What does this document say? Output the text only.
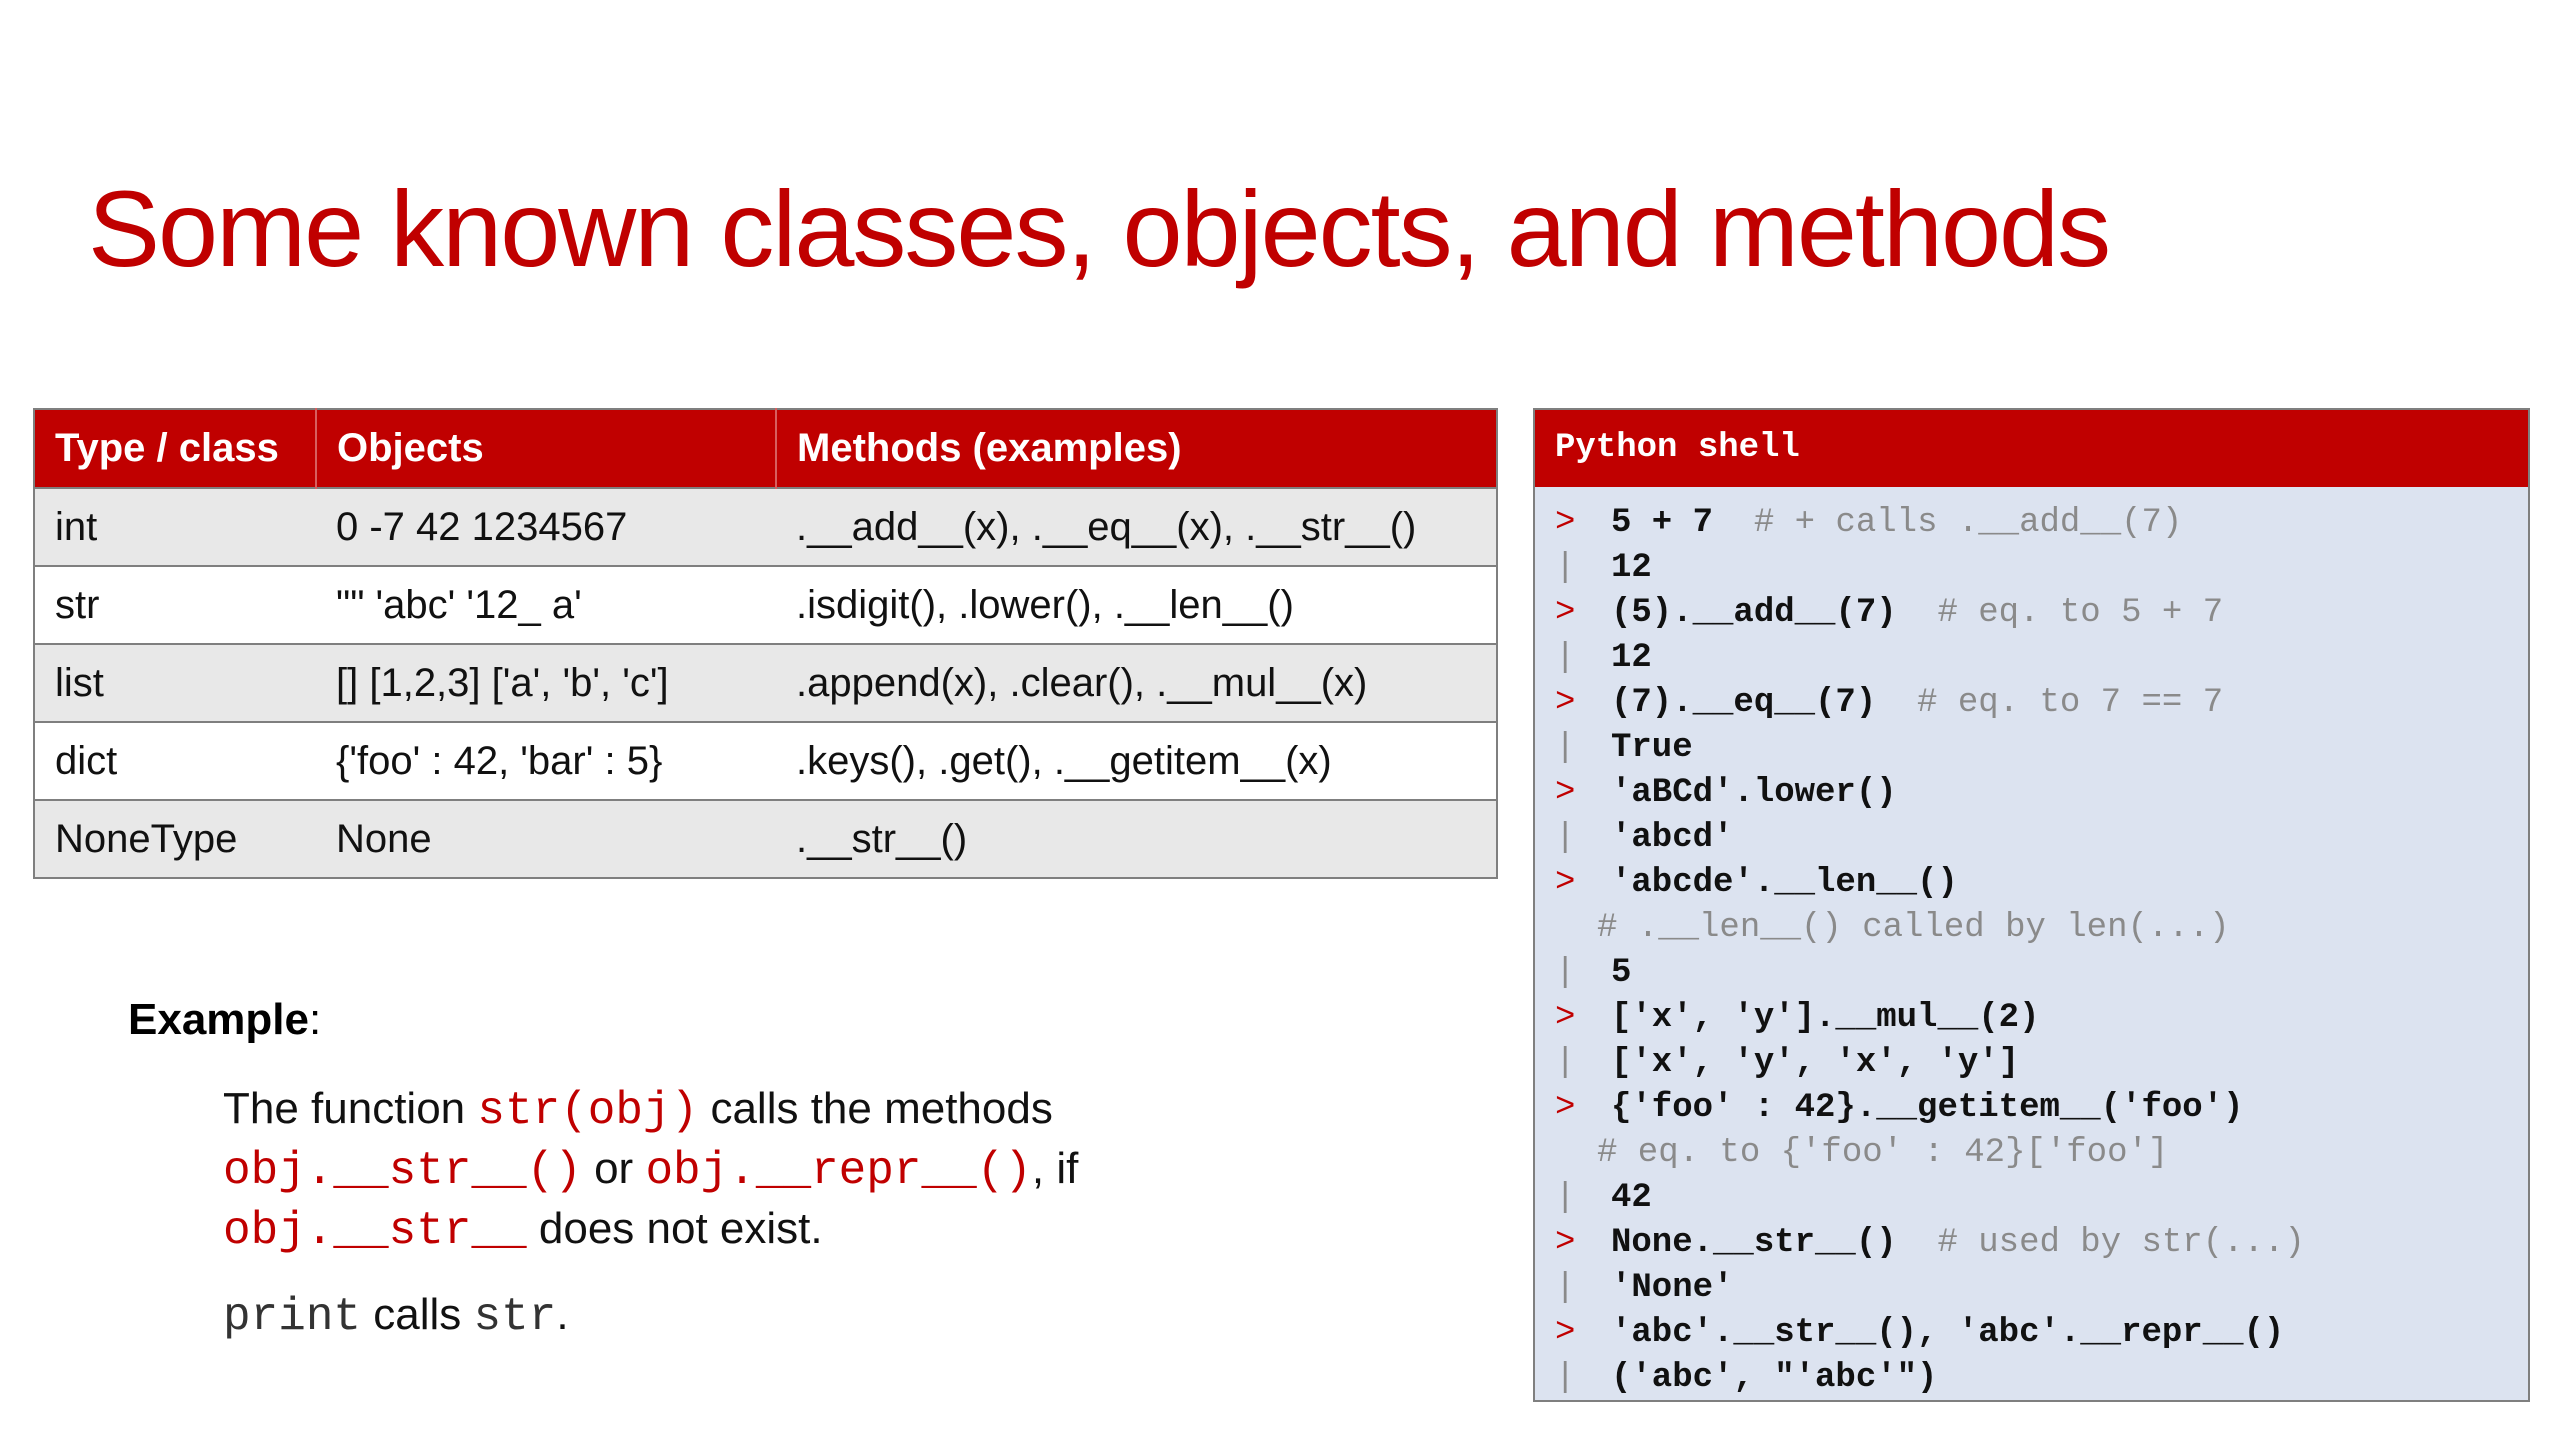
Some known classes, objects, and methods
Type / class	Objects	Methods (examples)
int	0 -7 42 1234567	.__add__(x), .__eq__(x), .__str__()
str	"" 'abc' '12_ a'	.isdigit(), .lower(), .__len__()
list	[] [1,2,3] ['a', 'b', 'c']	.append(x), .clear(), .__mul__(x)
dict	{'foo' : 42, 'bar' : 5}	.keys(), .get(), .__getitem__(x)
NoneType	None	.__str__()
Example:

The function str(obj) calls the methods

obj.__str__() or obj.__repr__(), if

obj.__str__ does not exist.

print calls str.

Python shell
> 5 + 7  # + calls .__add__(7)
| 12
> (5).__add__(7)  # eq. to 5 + 7
| 12
> (7).__eq__(7)  # eq. to 7 == 7
| True
> 'aBCd'.lower()
| 'abcd'
> 'abcde'.__len__()
# .__len__() called by len(...)
| 5
> ['x', 'y'].__mul__(2)
| ['x', 'y', 'x', 'y']
> {'foo' : 42}.__getitem__('foo')
# eq. to {'foo' : 42}['foo']
| 42
> None.__str__()  # used by str(...)
| 'None'
> 'abc'.__str__(), 'abc'.__repr__()
| ('abc', "'abc'")
